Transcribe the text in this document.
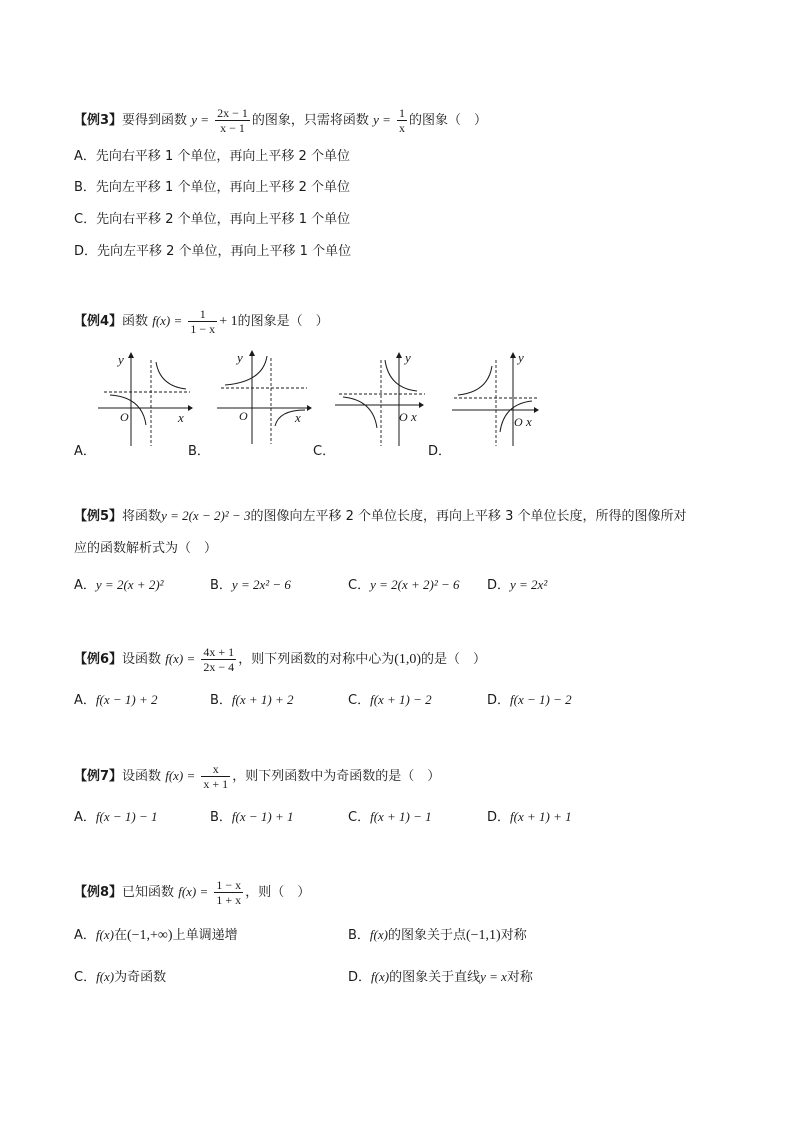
【例3】要得到函数 $y = \frac{2x - 1}{x - 1}$ 的图象，只需将函数 $y = \frac{1}{x}$ 的图象（　）
A．先向右平移 1 个单位，再向上平移 2 个单位
B．先向左平移 1 个单位，再向上平移 2 个单位
C．先向右平移 2 个单位，再向上平移 1 个单位
D．先向左平移 2 个单位，再向上平移 1 个单位
【例4】函数 $f(x) = \frac{1}{1 - x} + 1$的图象是（　）
y
x
O
A．
y
x
O
B．
y
x
O
C．
y
x
O
D．
【例5】将函数y = 2(x − 2)² − 3的图像向左平移 2 个单位长度，再向上平移 3 个单位长度，所得的图像所对
应的函数解析式为（　）
A．y = 2(x + 2)²	B．y = 2x² − 6	C．y = 2(x + 2)² − 6 D．y = 2x²
【例6】设函数 $f(x) = \frac{4x + 1}{2x - 4}$ ，则下列函数的对称中心为(1,0)的是（　）
A．f(x − 1) + 2	B．f(x + 1) + 2	C．f(x + 1) − 2	D．f(x − 1) − 2
【例7】设函数 $f(x) = \frac{x}{x + 1}$ ，则下列函数中为奇函数的是（　）
A．f(x − 1) − 1	B．f(x − 1) + 1	C．f(x + 1) − 1	D．f(x + 1) + 1
【例8】已知函数 $f(x) = \frac{1 - x}{1 + x}$ ，则（　）
A．f(x)在(−1,+∞)上单调递增	B．f(x)的图象关于点(−1,1)对称
C．f(x)为奇函数	D．f(x)的图象关于直线y = x对称
